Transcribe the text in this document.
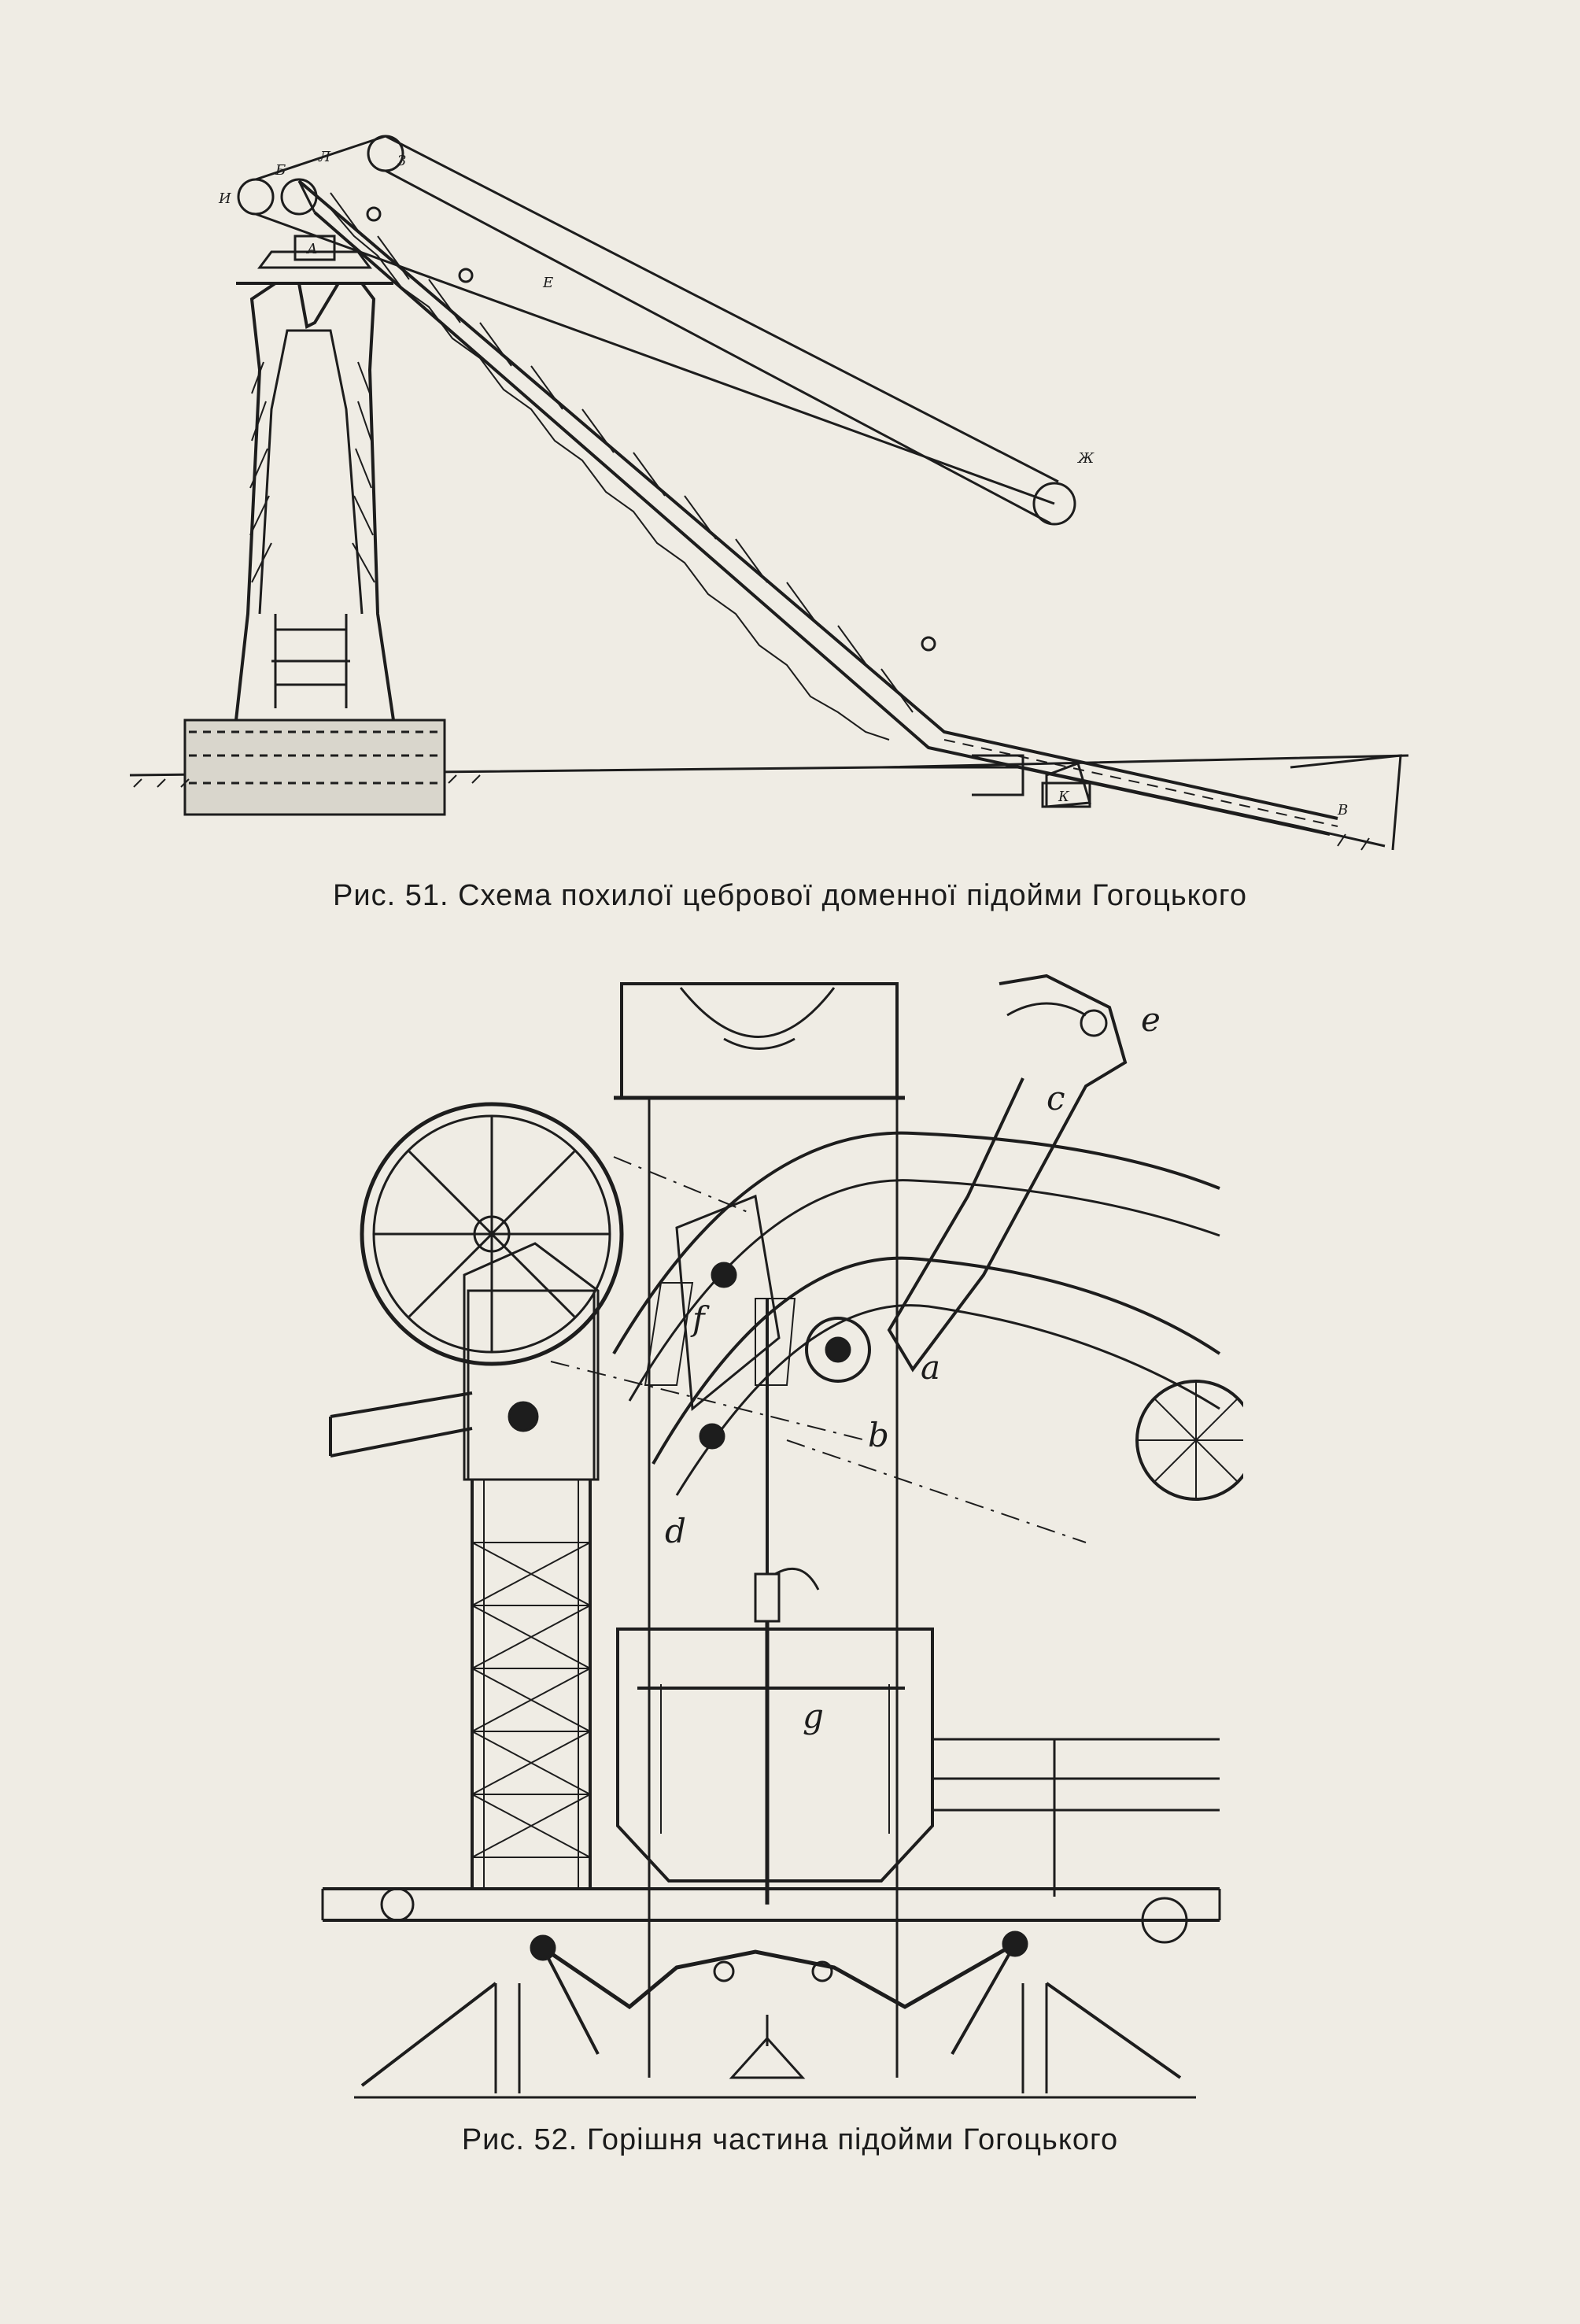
Б
Л
И
З
А
Е
Ж
К
В
Рис. 51. Схема похилої цебрової доменної підойми Гогоцького
e
c
a
b
f
d
g
Рис. 52. Горішня частина підойми Гогоцького
